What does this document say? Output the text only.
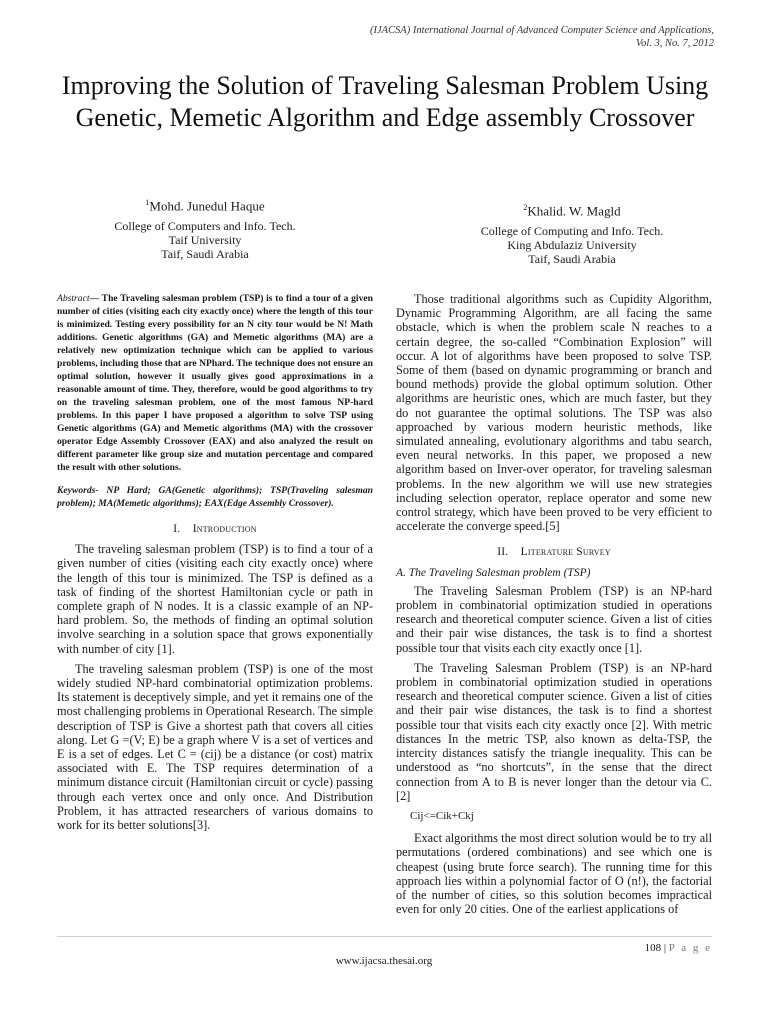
(IJACSA) International Journal of Advanced Computer Science and Applications,
Vol. 3, No. 7, 2012
Improving the Solution of Traveling Salesman Problem Using Genetic, Memetic Algorithm and Edge assembly Crossover
$^1$Mohd. Junedul Haque
College of Computers and Info. Tech.
Taif University
Taif, Saudi Arabia
$^2$Khalid. W. Magld
College of Computing and Info. Tech.
King Abdulaziz University
Taif, Saudi Arabia
Abstract— The Traveling salesman problem (TSP) is to find a tour of a given number of cities (visiting each city exactly once) where the length of this tour is minimized. Testing every possibility for an N city tour would be N! Math additions. Genetic algorithms (GA) and Memetic algorithms (MA) are a relatively new optimization technique which can be applied to various problems, including those that are NPhard. The technique does not ensure an optimal solution, however it usually gives good approximations in a reasonable amount of time. They, therefore, would be good algorithms to try on the traveling salesman problem, one of the most famous NP-hard problems. In this paper I have proposed a algorithm to solve TSP using Genetic algorithms (GA) and Memetic algorithms (MA) with the crossover operator Edge Assembly Crossover (EAX) and also analyzed the result on different parameter like group size and mutation percentage and compared the result with other solutions.
Keywords- NP Hard; GA(Genetic algorithms); TSP(Traveling salesman problem); MA(Memetic algorithms); EAX(Edge Assembly Crossover).
I. Introduction

The traveling salesman problem (TSP) is to find a tour of a given number of cities (visiting each city exactly once) where the length of this tour is minimized. The TSP is defined as a task of finding of the shortest Hamiltonian cycle or path in complete graph of N nodes. It is a classic example of an NP-hard problem. So, the methods of finding an optimal solution involve searching in a solution space that grows exponentially with number of city [1].

The traveling salesman problem (TSP) is one of the most widely studied NP-hard combinatorial optimization problems. Its statement is deceptively simple, and yet it remains one of the most challenging problems in Operational Research. The simple description of TSP is Give a shortest path that covers all cities along. Let G =(V; E) be a graph where V is a set of vertices and E is a set of edges. Let C = (cij) be a distance (or cost) matrix associated with E. The TSP requires determination of a minimum distance circuit (Hamiltonian circuit or cycle) passing through each vertex once and only once. And Distribution Problem, it has attracted researchers of various domains to work for its better solutions[3].

Those traditional algorithms such as Cupidity Algorithm, Dynamic Programming Algorithm, are all facing the same obstacle, which is when the problem scale N reaches to a certain degree, the so-called “Combination Explosion” will occur. A lot of algorithms have been proposed to solve TSP. Some of them (based on dynamic programming or branch and bound methods) provide the global optimum solution. Other algorithms are heuristic ones, which are much faster, but they do not guarantee the optimal solutions. The TSP was also approached by various modern heuristic methods, like simulated annealing, evolutionary algorithms and tabu search, even neural networks. In this paper, we proposed a new algorithm based on Inver-over operator, for traveling salesman problems. In the new algorithm we will use new strategies including selection operator, replace operator and some new control strategy, which have been proved to be very efficient to accelerate the converge speed.[5]

II. Literature Survey
A. The Traveling Salesman problem (TSP)

The Traveling Salesman Problem (TSP) is an NP-hard problem in combinatorial optimization studied in operations research and theoretical computer science. Given a list of cities and their pair wise distances, the task is to find a shortest possible tour that visits each city exactly once [1].

The Traveling Salesman Problem (TSP) is an NP-hard problem in combinatorial optimization studied in operations research and theoretical computer science. Given a list of cities and their pair wise distances, the task is to find a shortest possible tour that visits each city exactly once [2]. With metric distances In the metric TSP, also known as delta-TSP, the intercity distances satisfy the triangle inequality. This can be understood as “no shortcuts”, in the sense that the direct connection from A to B is never longer than the detour via C. [2]

Cij<=Cik+Ckj

Exact algorithms the most direct solution would be to try all permutations (ordered combinations) and see which one is cheapest (using brute force search). The running time for this approach lies within a polynomial factor of O (n!), the factorial of the number of cities, so this solution becomes impractical even for only 20 cities. One of the earliest applications of

108 | P a g e
www.ijacsa.thesai.org
